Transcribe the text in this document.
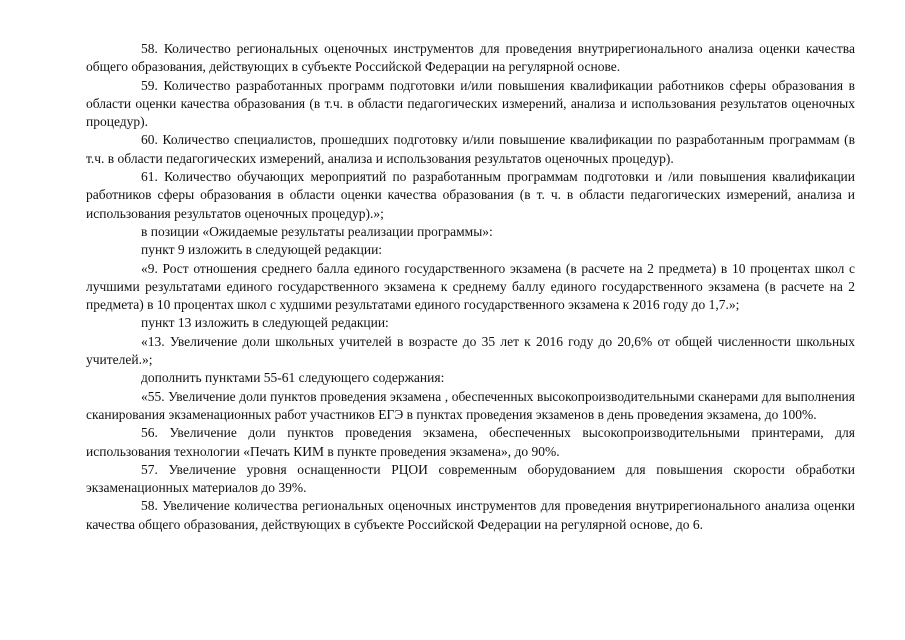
58. Количество региональных оценочных инструментов для проведения внутрирегионального анализа оценки качества общего образования, действующих в субъекте Российской Федерации на регулярной основе.

59. Количество разработанных программ подготовки и/или повышения квалификации работников сферы образования в области оценки качества образования (в т.ч. в области педагогических измерений, анализа и использования результатов оценочных процедур).

60. Количество специалистов, прошедших подготовку и/или повышение квалификации по разработанным программам (в т.ч. в области педагогических измерений, анализа и использования результатов оценочных процедур).

61. Количество обучающих мероприятий по разработанным программам подготовки и /или повышения квалификации работников сферы образования в области оценки качества образования (в т. ч. в области педагогических измерений, анализа и использования результатов оценочных процедур).»;

в позиции «Ожидаемые результаты реализации программы»:

пункт 9 изложить в следующей редакции:

«9. Рост отношения среднего балла единого государственного экзамена (в расчете на 2 предмета) в 10 процентах школ с лучшими результатами единого государственного экзамена к среднему баллу единого государственного экзамена (в расчете на 2 предмета) в 10 процентах школ с худшими результатами единого государственного экзамена к 2016 году до 1,7.»;

пункт 13 изложить в следующей редакции:

«13. Увеличение доли школьных учителей в возрасте до 35 лет к 2016 году до 20,6% от общей численности школьных учителей.»;

дополнить пунктами 55-61 следующего содержания:

«55. Увеличение доли пунктов проведения экзамена , обеспеченных высокопроизводительными сканерами для выполнения сканирования экзаменационных работ участников ЕГЭ в пунктах проведения экзаменов в день проведения экзамена, до 100%.

56. Увеличение доли пунктов проведения экзамена, обеспеченных высокопроизводительными принтерами, для использования технологии «Печать КИМ в пункте проведения экзамена», до 90%.

57. Увеличение уровня оснащенности РЦОИ современным оборудованием для повышения скорости обработки экзаменационных материалов до 39%.

58. Увеличение количества региональных оценочных инструментов для проведения внутрирегионального анализа оценки качества общего образования, действующих в субъекте Российской Федерации на регулярной основе, до 6.
